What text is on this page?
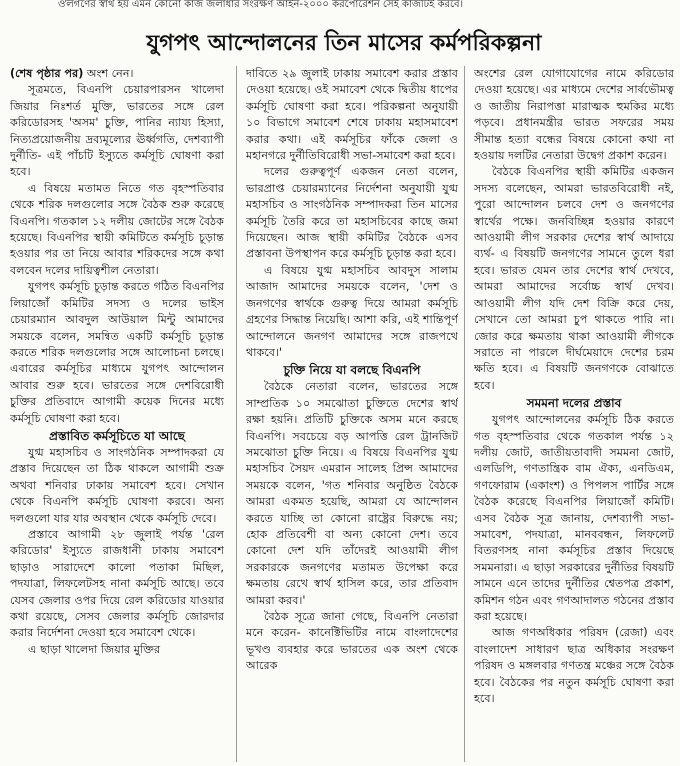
ঔলগণের স্বার্থ হয় এমন কোনো কাজ জলাধার সংরক্ষণ আইন-২০০০ করপোরেশন সেই কাজটিই করবে।
যুগপৎ আন্দোলনের তিন মাসের কর্মপরিকল্পনা

(শেষ পৃষ্ঠার পর) অংশ নেন।

সূত্রমতে, বিএনপি চেয়ারপারসন খালেদা জিয়ার নিঃশর্ত মুক্তি, ভারতের সঙ্গে রেল করিডোরসহ 'অসম' চুক্তি, পানির ন্যায্য হিস্যা, নিত্যপ্রয়োজনীয় দ্রব্যমূল্যের ঊর্ধ্বগতি, দেশব্যাপী দুর্নীতি- এই পাঁচটি ইস্যুতে কর্মসূচি ঘোষণা করা হবে।

এ বিষয়ে মতামত নিতে গত বৃহস্পতিবার থেকে শরিক দলগুলোর সঙ্গে বৈঠক শুরু করেছে বিএনপি। গতকাল ১২ দলীয় জোটের সঙ্গে বৈঠক হয়েছে। বিএনপির স্থায়ী কমিটিতে কর্মসূচি চূড়ান্ত হওয়ার পর তা নিয়ে আবার শরিকদের সঙ্গে কথা বলবেন দলের দায়িত্বশীল নেতারা।

যুগপৎ কর্মসূচি চূড়ান্ত করতে গঠিত বিএনপির লিয়াজোঁ কমিটির সদস্য ও দলের ভাইস চেয়ারম্যান আবদুল আউয়াল মিন্টু আমাদের সময়কে বলেন, সমন্বিত একটি কর্মসূচি চূড়ান্ত করতে শরিক দলগুলোর সঙ্গে আলোচনা চলছে। এবারের কর্মসূচির মাধ্যমে যুগপৎ আন্দোলন আবার শুরু হবে। ভারতের সঙ্গে দেশবিরোধী চুক্তির প্রতিবাদে আগামী কয়েক দিনের মধ্যে কর্মসূচি ঘোষণা করা হবে।

প্রস্তাবিত কর্মসূচিতে যা আছে

যুগ্ম মহাসচিব ও সাংগঠনিক সম্পাদকরা যে প্রস্তাব দিয়েছেন তা ঠিক থাকলে আগামী শুক্র অথবা শনিবার ঢাকায় সমাবেশ হবে। সেখান থেকে বিএনপি কর্মসূচি ঘোষণা করবে। অন্য দলগুলো যার যার অবস্থান থেকে কর্মসূচি দেবে।

প্রস্তাবে আগামী ২৮ জুলাই পর্যন্ত 'রেল করিডোর' ইস্যুতে রাজধানী ঢাকায় সমাবেশ ছাড়াও সারাদেশে কালো পতাকা মিছিল, পদযাত্রা, লিফলেটসহ নানা কর্মসূচি আছে। তবে যেসব জেলার ওপর দিয়ে রেল করিডোর যাওয়ার কথা রয়েছে, সেসব জেলার কর্মসূচি জোরদার করার নির্দেশনা দেওয়া হবে সমাবেশ থেকে।

এ ছাড়া খালেদা জিয়ার মুক্তির

দাবিতে ২৯ জুলাই ঢাকায় সমাবেশ করার প্রস্তাব দেওয়া হয়েছে। ওই সমাবেশ থেকে দ্বিতীয় ধাপের কর্মসূচি ঘোষণা করা হবে। পরিকল্পনা অনুযায়ী ১০ বিভাগে সমাবেশ শেষে ঢাকায় মহাসমাবেশ করার কথা। এই কর্মসূচির ফাঁকে জেলা ও মহানগরে দুর্নীতিবিরোধী সভা-সমাবেশ করা হবে।

দলের গুরুত্বপূর্ণ একজন নেতা বলেন, ভারপ্রাপ্ত চেয়ারম্যানের নির্দেশনা অনুযায়ী যুগ্ম মহাসচিব ও সাংগঠনিক সম্পাদকরা তিন মাসের কর্মসূচি তৈরি করে তা মহাসচিবের কাছে জমা দিয়েছেন। আজ স্থায়ী কমিটির বৈঠকে এসব প্রস্তাবনা উপস্থাপন করে কর্মসূচি চূড়ান্ত করা হবে।

এ বিষয়ে যুগ্ম মহাসচিব আবদুস সালাম আজাদ আমাদের সময়কে বলেন, 'দেশ ও জনগণের স্বার্থকে গুরুত্ব দিয়ে আমরা কর্মসূচি গ্রহণের সিদ্ধান্ত নিয়েছি। আশা করি, এই শান্তিপূর্ণ আন্দোলনে জনগণ আমাদের সঙ্গে রাজপথে থাকবে।'

চুক্তি নিয়ে যা বলছে বিএনপি

বৈঠকে নেতারা বলেন, ভারতের সঙ্গে সাম্প্রতিক ১০ সমঝোতা চুক্তিতে দেশের স্বার্থ রক্ষা হয়নি। প্রতিটি চুক্তিকে অসম মনে করছে বিএনপি। সবচেয়ে বড় আপত্তি রেল ট্রানজিট সমঝোতা চুক্তি নিয়ে। এ বিষয়ে বিএনপির যুগ্ম মহাসচিব সৈয়দ এমরান সালেহ প্রিন্স আমাদের সময়কে বলেন, 'গত শনিবার অনুষ্ঠিত বৈঠকে আমরা একমত হয়েছি, আমরা যে আন্দোলন করতে যাচ্ছি তা কোনো রাষ্ট্রের বিরুদ্ধে নয়; হোক প্রতিবেশী বা অন্য কোনো দেশ। তবে কোনো দেশ যদি তাঁদেরই আওয়ামী লীগ সরকারকে জনগণের মতামত উপেক্ষা করে ক্ষমতায় রেখে স্বার্থ হাসিল করে, তার প্রতিবাদ আমরা করব।'

বৈঠক সূত্রে জানা গেছে, বিএনপি নেতারা মনে করেন- কানেক্টিভিটির নামে বাংলাদেশের ভূখণ্ড ব্যবহার করে ভারতের এক অংশ থেকে আরেক

অংশের রেল যোগাযোগের নামে করিডোর দেওয়া হয়েছে। এর মাধ্যমে দেশের সার্বভৌমত্ব ও জাতীয় নিরাপত্তা মারাত্মক হুমকির মধ্যে পড়বে। প্রধানমন্ত্রীর ভারত সফরের সময় সীমান্ত হত্যা বন্ধের বিষয়ে কোনো কথা না হওয়ায় দলটির নেতারা উদ্বেগ প্রকাশ করেন।

বৈঠকে বিএনপির স্থায়ী কমিটির একজন সদস্য বলেছেন, আমরা ভারতবিরোধী নই, পুরো আন্দোলন চলবে দেশ ও জনগণের স্বার্থের পক্ষে। জনবিচ্ছিন্ন হওয়ার কারণে আওয়ামী লীগ সরকার দেশের স্বার্থ আদায়ে ব্যর্থ- এ বিষয়টি জনগণের সামনে তুলে ধরা হবে। ভারত যেমন তার দেশের স্বার্থ দেখবে, আমরা আমাদের সর্বোচ্চ স্বার্থ দেখব। আওয়ামী লীগ যদি দেশ বিক্রি করে দেয়, সেখানে তো আমরা চুপ থাকতে পারি না। জোর করে ক্ষমতায় থাকা আওয়ামী লীগকে সরাতে না পারলে দীর্ঘমেয়াদে দেশের চরম ক্ষতি হবে। এ বিষয়টি জনগণকে বোঝাতে হবে।

সমমনা দলের প্রস্তাব

যুগপৎ আন্দোলনের কর্মসূচি ঠিক করতে গত বৃহস্পতিবার থেকে গতকাল পর্যন্ত ১২ দলীয় জোট, জাতীয়তাবাদী সমমনা জোট, এলডিপি, গণতান্ত্রিক বাম ঐক্য, এনডিএম, গণফোরাম (একাংশ) ও পিপলস পার্টির সঙ্গে বৈঠক করেছে বিএনপির লিয়াজোঁ কমিটি। এসব বৈঠক সূত্র জানায়, দেশব্যাপী সভা-সমাবেশ, পদযাত্রা, মানববন্ধন, লিফলেট বিতরণসহ নানা কর্মসূচির প্রস্তাব দিয়েছে সমমনারা। এ ছাড়া সরকারের দুর্নীতির বিষয়টি সামনে এনে তাদের দুর্নীতির শ্বেতপত্র প্রকাশ, কমিশন গঠন এবং গণআদালত গঠনের প্রস্তাব করা হয়েছে।

আজ গণঅধিকার পরিষদ (রেজা) এবং বাংলাদেশ সাধারণ ছাত্র অধিকার সংরক্ষণ পরিষদ ও মঙ্গলবার গণতন্ত্র মঞ্চের সঙ্গে বৈঠক হবে। বৈঠকের পর নতুন কর্মসূচি ঘোষণা করা হবে।
